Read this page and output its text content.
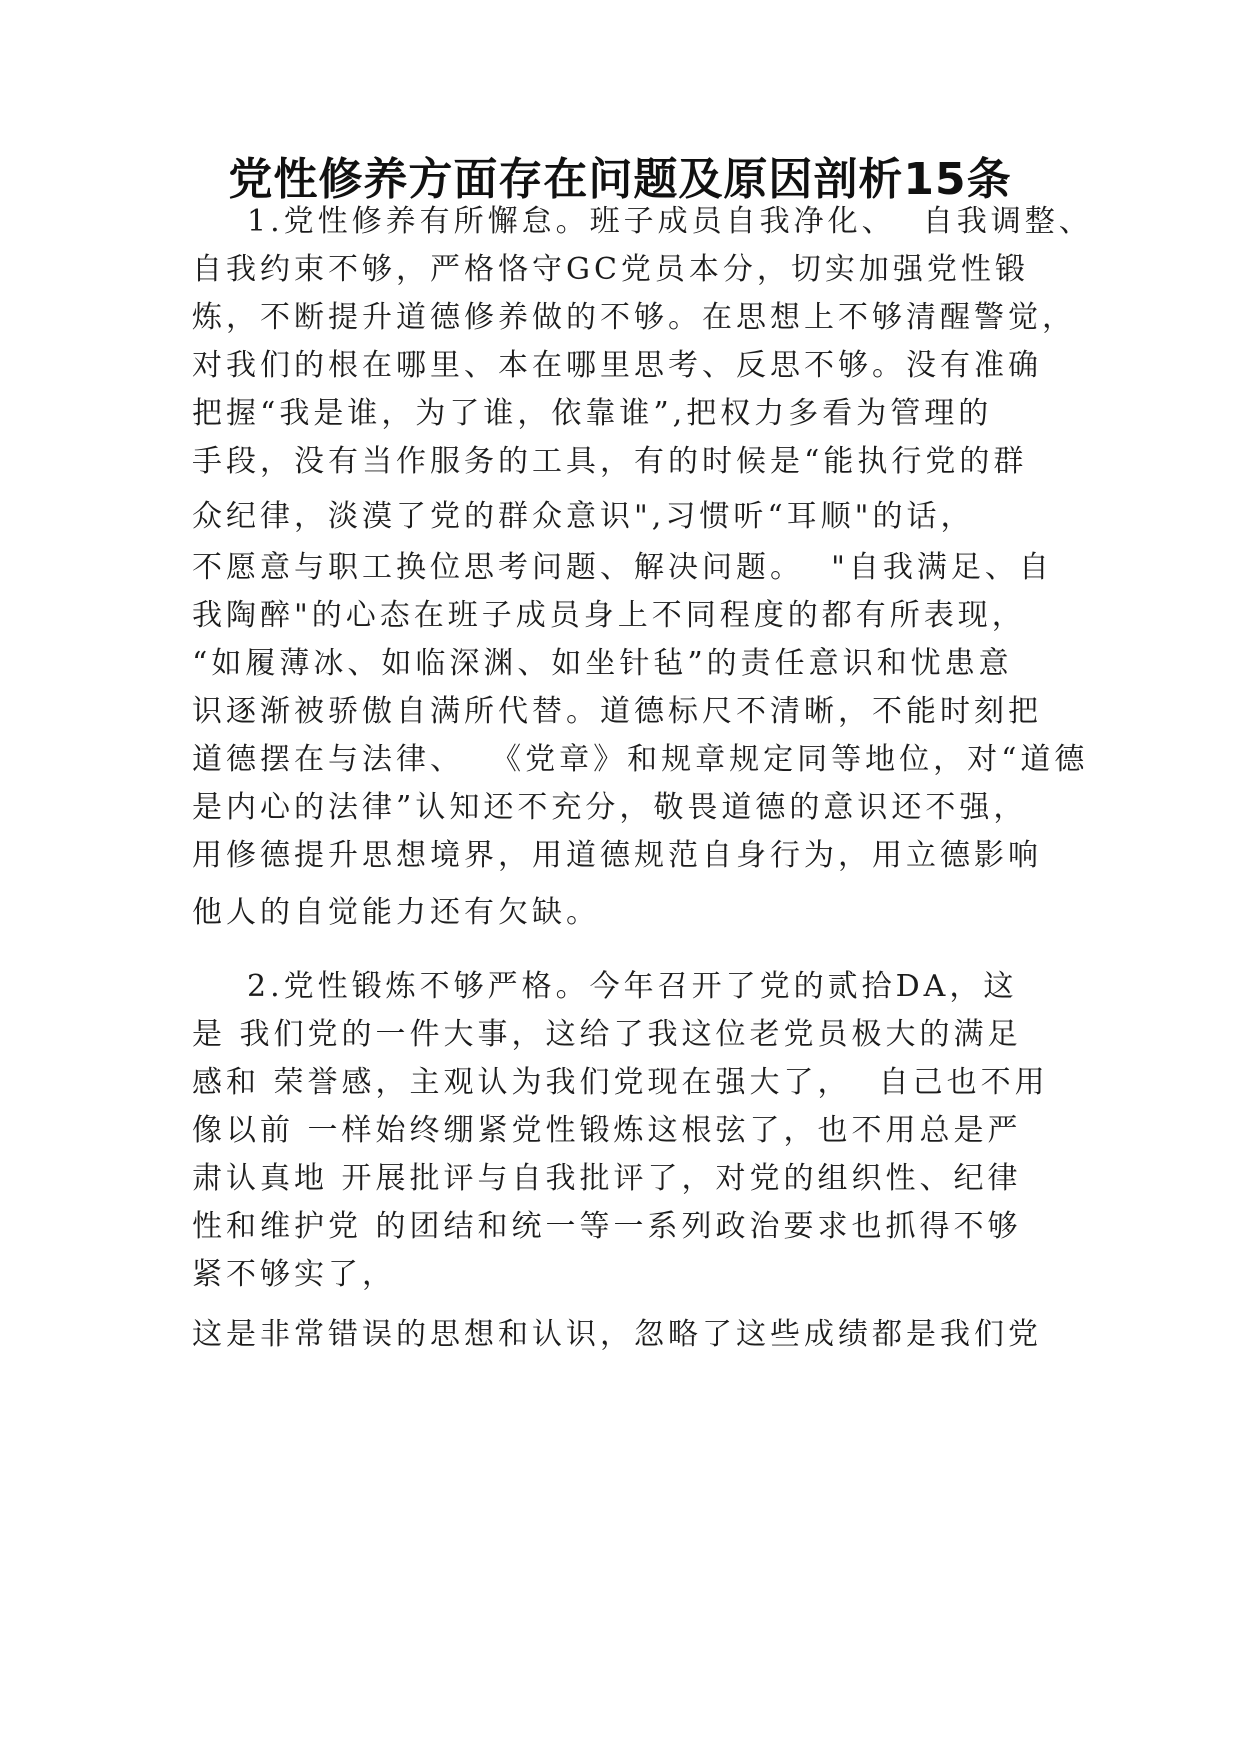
党性修养方面存在问题及原因剖析15条

1.党性修养有所懈怠。班子成员自我净化、  自我调整、

自我约束不够，严格恪守GC党员本分，切实加强党性锻

炼，不断提升道德修养做的不够。在思想上不够清醒警觉，

对我们的根在哪里、本在哪里思考、反思不够。没有准确

把握“我是谁，为了谁，依靠谁”,把权力多看为管理的

手段，没有当作服务的工具，有的时候是“能执行党的群

众纪律，淡漠了党的群众意识",习惯听“耳顺"的话，

不愿意与职工换位思考问题、解决问题。  "自我满足、自

我陶醉"的心态在班子成员身上不同程度的都有所表现，

“如履薄冰、如临深渊、如坐针毡”的责任意识和忧患意

识逐渐被骄傲自满所代替。道德标尺不清晰，不能时刻把

道德摆在与法律、  《党章》和规章规定同等地位，对“道德

是内心的法律”认知还不充分，敬畏道德的意识还不强，

用修德提升思想境界，用道德规范自身行为，用立德影响

他人的自觉能力还有欠缺。

2.党性锻炼不够严格。今年召开了党的贰拾DA，这

是 我们党的一件大事，这给了我这位老党员极大的满足

感和 荣誉感，主观认为我们党现在强大了，  自己也不用

像以前 一样始终绷紧党性锻炼这根弦了，也不用总是严

肃认真地 开展批评与自我批评了，对党的组织性、纪律

性和维护党 的团结和统一等一系列政治要求也抓得不够

紧不够实了，

这是非常错误的思想和认识，忽略了这些成绩都是我们党
